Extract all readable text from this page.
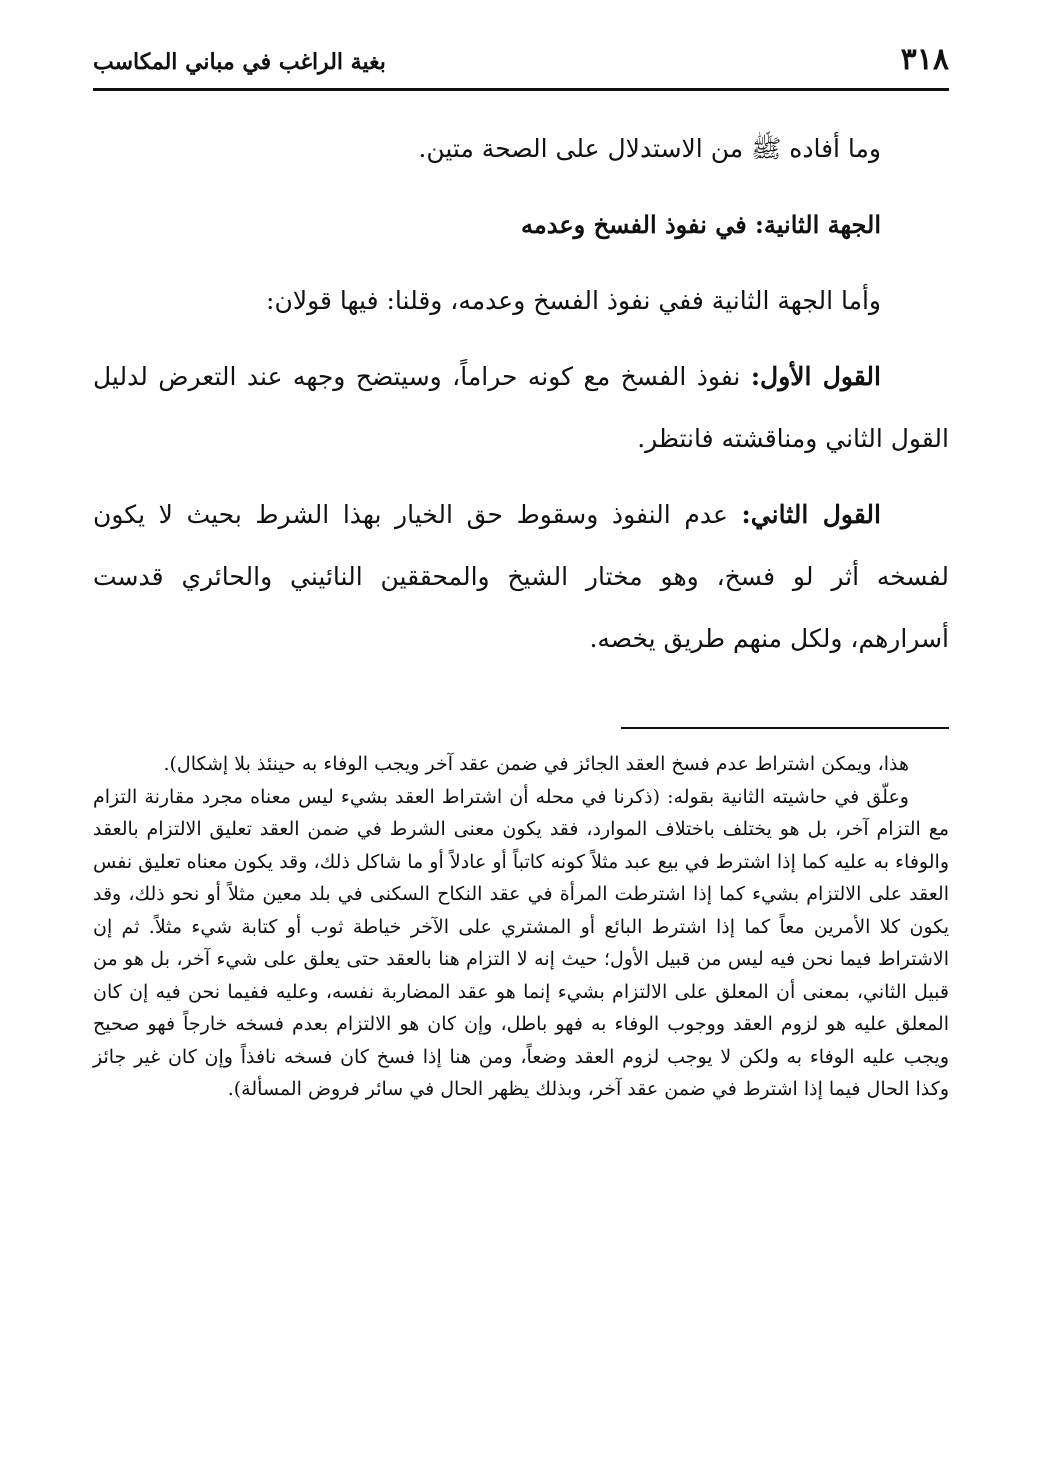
٣١٨
بغية الراغب في مباني المكاسب

وما أفاده ﷺ من الاستدلال على الصحة متين.

الجهة الثانية: في نفوذ الفسخ وعدمه

وأما الجهة الثانية ففي نفوذ الفسخ وعدمه، وقلنا: فيها قولان:

القول الأول: نفوذ الفسخ مع كونه حراماً، وسيتضح وجهه عند التعرض لدليل القول الثاني ومناقشته فانتظر.

القول الثاني: عدم النفوذ وسقوط حق الخيار بهذا الشرط بحيث لا يكون لفسخه أثر لو فسخ، وهو مختار الشيخ والمحققين النائيني والحائري قدست أسرارهم، ولكل منهم طريق يخصه.

هذا، ويمكن اشتراط عدم فسخ العقد الجائز في ضمن عقد آخر ويجب الوفاء به حينئذ بلا إشكال).

وعلّق في حاشيته الثانية بقوله: (ذكرنا في محله أن اشتراط العقد بشيء ليس معناه مجرد مقارنة التزام مع التزام آخر، بل هو يختلف باختلاف الموارد، فقد يكون معنى الشرط في ضمن العقد تعليق الالتزام بالعقد والوفاء به عليه كما إذا اشترط في بيع عبد مثلاً كونه كاتباً أو عادلاً أو ما شاكل ذلك، وقد يكون معناه تعليق نفس العقد على الالتزام بشيء كما إذا اشترطت المرأة في عقد النكاح السكنى في بلد معين مثلاً أو نحو ذلك، وقد يكون كلا الأمرين معاً كما إذا اشترط البائع أو المشتري على الآخر خياطة ثوب أو كتابة شيء مثلاً. ثم إن الاشتراط فيما نحن فيه ليس من قبيل الأول؛ حيث إنه لا التزام هنا بالعقد حتى يعلق على شيء آخر، بل هو من قبيل الثاني، بمعنى أن المعلق على الالتزام بشيء إنما هو عقد المضاربة نفسه، وعليه ففيما نحن فيه إن كان المعلق عليه هو لزوم العقد ووجوب الوفاء به فهو باطل، وإن كان هو الالتزام بعدم فسخه خارجاً فهو صحيح ويجب عليه الوفاء به ولكن لا يوجب لزوم العقد وضعاً، ومن هنا إذا فسخ كان فسخه نافذاً وإن كان غير جائز وكذا الحال فيما إذا اشترط في ضمن عقد آخر، وبذلك يظهر الحال في سائر فروض المسألة).
